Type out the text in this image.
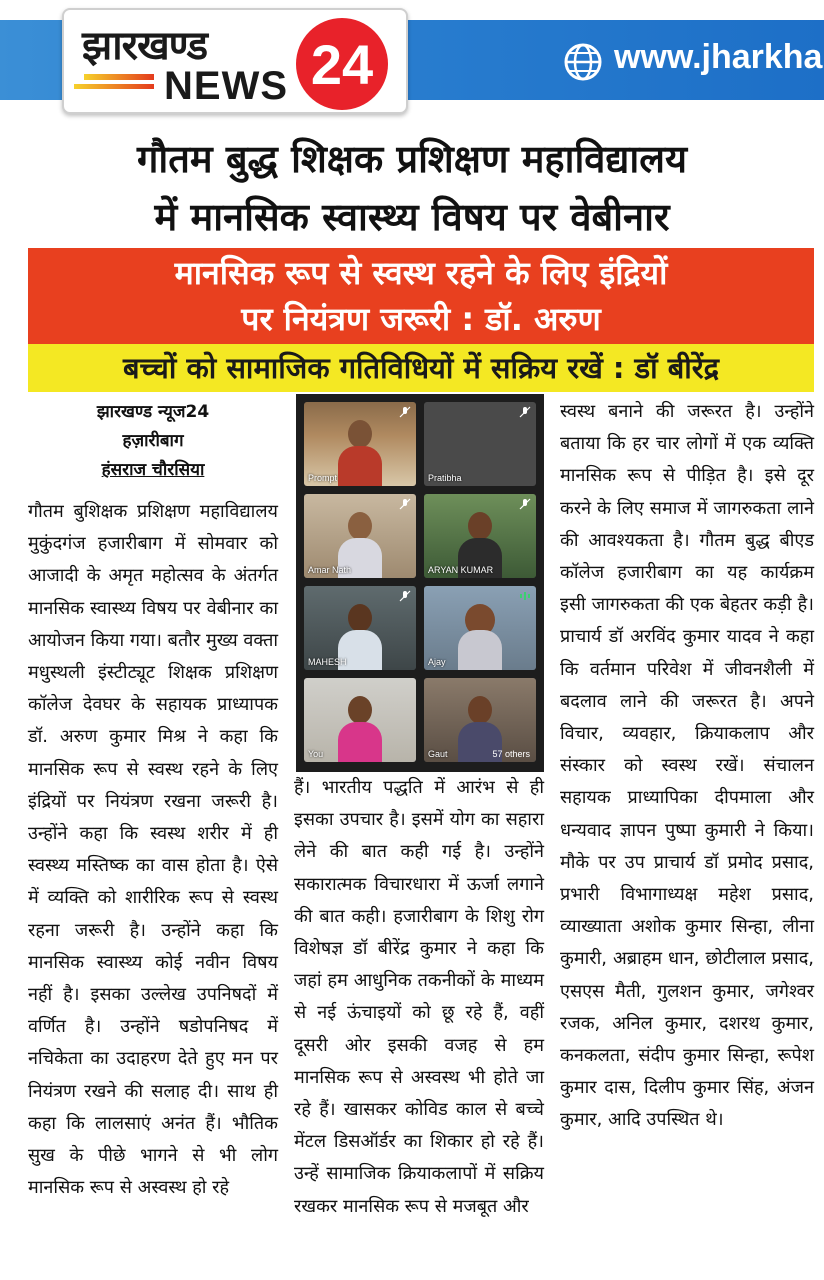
www.jharkha
झारखण्ड
NEWS 24
गौतम बुद्ध शिक्षक प्रशिक्षण महाविद्यालय
में मानसिक स्वास्थ्य विषय पर वेबीनार
मानसिक रूप से स्वस्थ रहने के लिए इंद्रियों
पर नियंत्रण जरूरी : डॉ. अरुण
बच्चों को सामाजिक गतिविधियों में सक्रिय रखें : डॉ बीरेंद्र
झारखण्ड न्यूज24
हज़ारीबाग
हंसराज चौरसिया

गौतम बुशिक्षक प्रशिक्षण महाविद्यालय मुकुंदगंज हजारीबाग में सोमवार को आजादी के अमृत महोत्सव के अंतर्गत मानसिक स्वास्थ्य विषय पर वेबीनार का आयोजन किया गया। बतौर मुख्य वक्ता मधुस्थली इंस्टीट्यूट शिक्षक प्रशिक्षण कॉलेज देवघर के सहायक प्राध्यापक डॉ. अरुण कुमार मिश्र ने कहा कि मानसिक रूप से स्वस्थ रहने के लिए इंद्रियों पर नियंत्रण रखना जरूरी है। उन्होंने कहा कि स्वस्थ शरीर में ही स्वस्थ्य मस्तिष्क का वास होता है। ऐसे में व्यक्ति को शारीरिक रूप से स्वस्थ रहना जरूरी है। उन्होंने कहा कि मानसिक स्वास्थ्य कोई नवीन विषय नहीं है। इसका उल्लेख उपनिषदों में वर्णित है। उन्होंने षडोपनिषद में नचिकेता का उदाहरण देते हुए मन पर नियंत्रण रखने की सलाह दी। साथ ही कहा कि लालसाएं अनंत हैं। भौतिक सुख के पीछे भागने से भी लोग मानसिक रूप से अस्वस्थ हो रहे

Prompt	Pratibha
Amar Nath	ARYAN KUMAR
MAHESH	Ajay
You	Gaut	57 others

हैं। भारतीय पद्धति में आरंभ से ही इसका उपचार है। इसमें योग का सहारा लेने की बात कही गई है। उन्होंने सकारात्मक विचारधारा में ऊर्जा लगाने की बात कही। हजारीबाग के शिशु रोग विशेषज्ञ डॉ बीरेंद्र कुमार ने कहा कि जहां हम आधुनिक तकनीकों के माध्यम से नई ऊंचाइयों को छू रहे हैं, वहीं दूसरी ओर इसकी वजह से हम मानसिक रूप से अस्वस्थ भी होते जा रहे हैं। खासकर कोविड काल से बच्चे मेंटल डिसऑर्डर का शिकार हो रहे हैं। उन्हें सामाजिक क्रियाकलापों में सक्रिय रखकर मानसिक रूप से मजबूत और

स्वस्थ बनाने की जरूरत है। उन्होंने बताया कि हर चार लोगों में एक व्यक्ति मानसिक रूप से पीड़ित है। इसे दूर करने के लिए समाज में जागरुकता लाने की आवश्यकता है। गौतम बुद्ध बीएड कॉलेज हजारीबाग का यह कार्यक्रम इसी जागरुकता की एक बेहतर कड़ी है। प्राचार्य डॉ अरविंद कुमार यादव ने कहा कि वर्तमान परिवेश में जीवनशैली में बदलाव लाने की जरूरत है। अपने विचार, व्यवहार, क्रियाकलाप और संस्कार को स्वस्थ रखें। संचालन सहायक प्राध्यापिका दीपमाला और धन्यवाद ज्ञापन पुष्पा कुमारी ने किया। मौके पर उप प्राचार्य डॉ प्रमोद प्रसाद, प्रभारी विभागाध्यक्ष महेश प्रसाद, व्याख्याता अशोक कुमार सिन्हा, लीना कुमारी, अब्राहम धान, छोटीलाल प्रसाद, एसएस मैती, गुलशन कुमार, जगेश्वर रजक, अनिल कुमार, दशरथ कुमार, कनकलता, संदीप कुमार सिन्हा, रूपेश कुमार दास, दिलीप कुमार सिंह, अंजन कुमार, आदि उपस्थित थे।
